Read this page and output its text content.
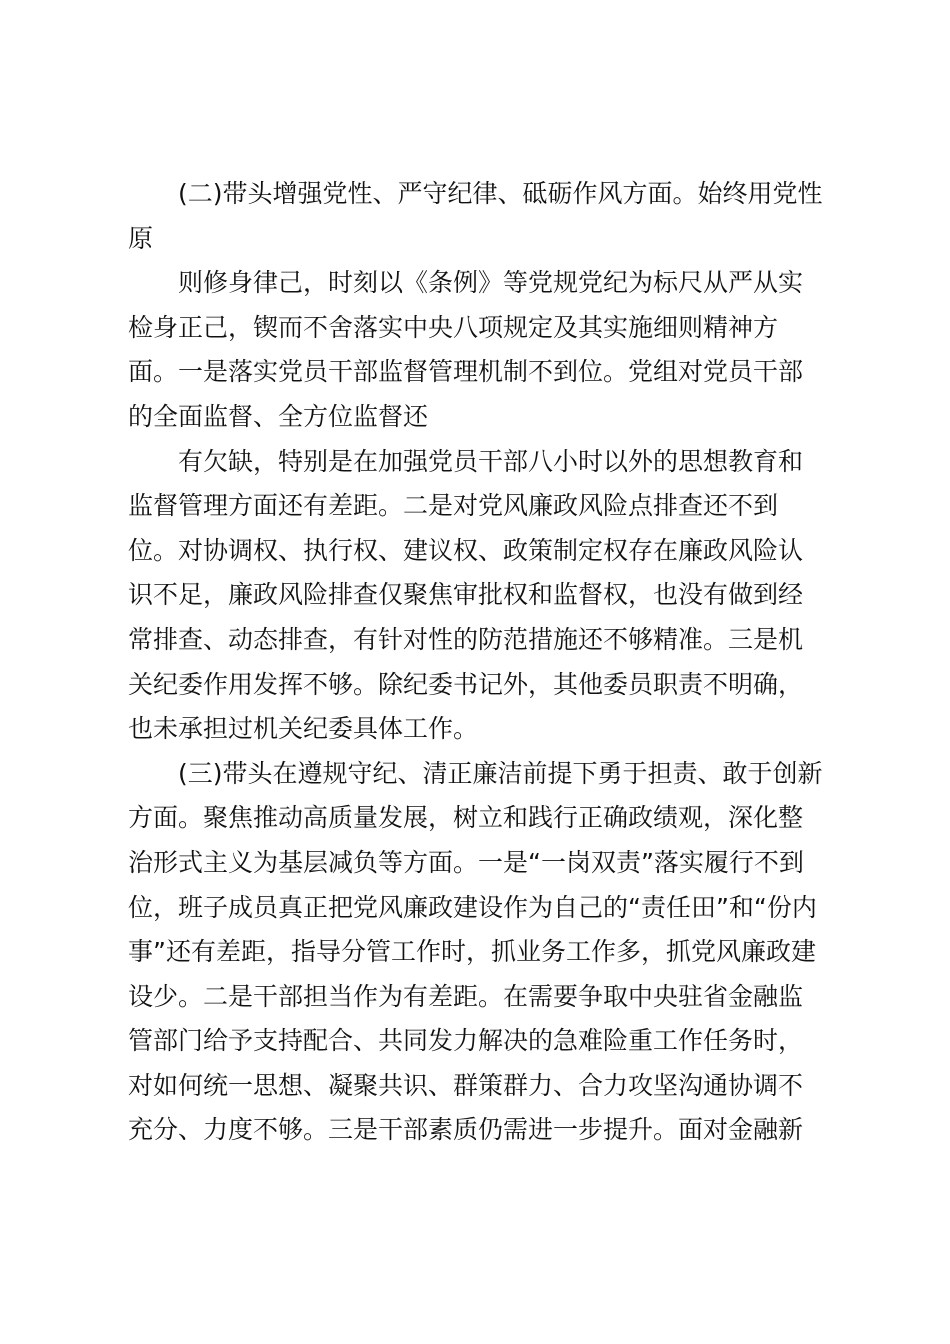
(二)带头增强党性、严守纪律、砥砺作风方面。始终用党性
原

则修身律己，时刻以《条例》等党规党纪为标尺从严从实
检身正己，锲而不舍落实中央八项规定及其实施细则精神方
面。一是落实党员干部监督管理机制不到位。党组对党员干部
的全面监督、全方位监督还

有欠缺，特别是在加强党员干部八小时以外的思想教育和
监督管理方面还有差距。二是对党风廉政风险点排查还不到
位。对协调权、执行权、建议权、政策制定权存在廉政风险认
识不足，廉政风险排查仅聚焦审批权和监督权，也没有做到经
常排查、动态排查，有针对性的防范措施还不够精准。三是机
关纪委作用发挥不够。除纪委书记外，其他委员职责不明确，
也未承担过机关纪委具体工作。

(三)带头在遵规守纪、清正廉洁前提下勇于担责、敢于创新
方面。聚焦推动高质量发展，树立和践行正确政绩观，深化整
治形式主义为基层减负等方面。一是“一岗双责”落实履行不到
位，班子成员真正把党风廉政建设作为自己的“责任田”和“份内
事”还有差距，指导分管工作时，抓业务工作多，抓党风廉政建
设少。二是干部担当作为有差距。在需要争取中央驻省金融监
管部门给予支持配合、共同发力解决的急难险重工作任务时，
对如何统一思想、凝聚共识、群策群力、合力攻坚沟通协调不
充分、力度不够。三是干部素质仍需进一步提升。面对金融新
